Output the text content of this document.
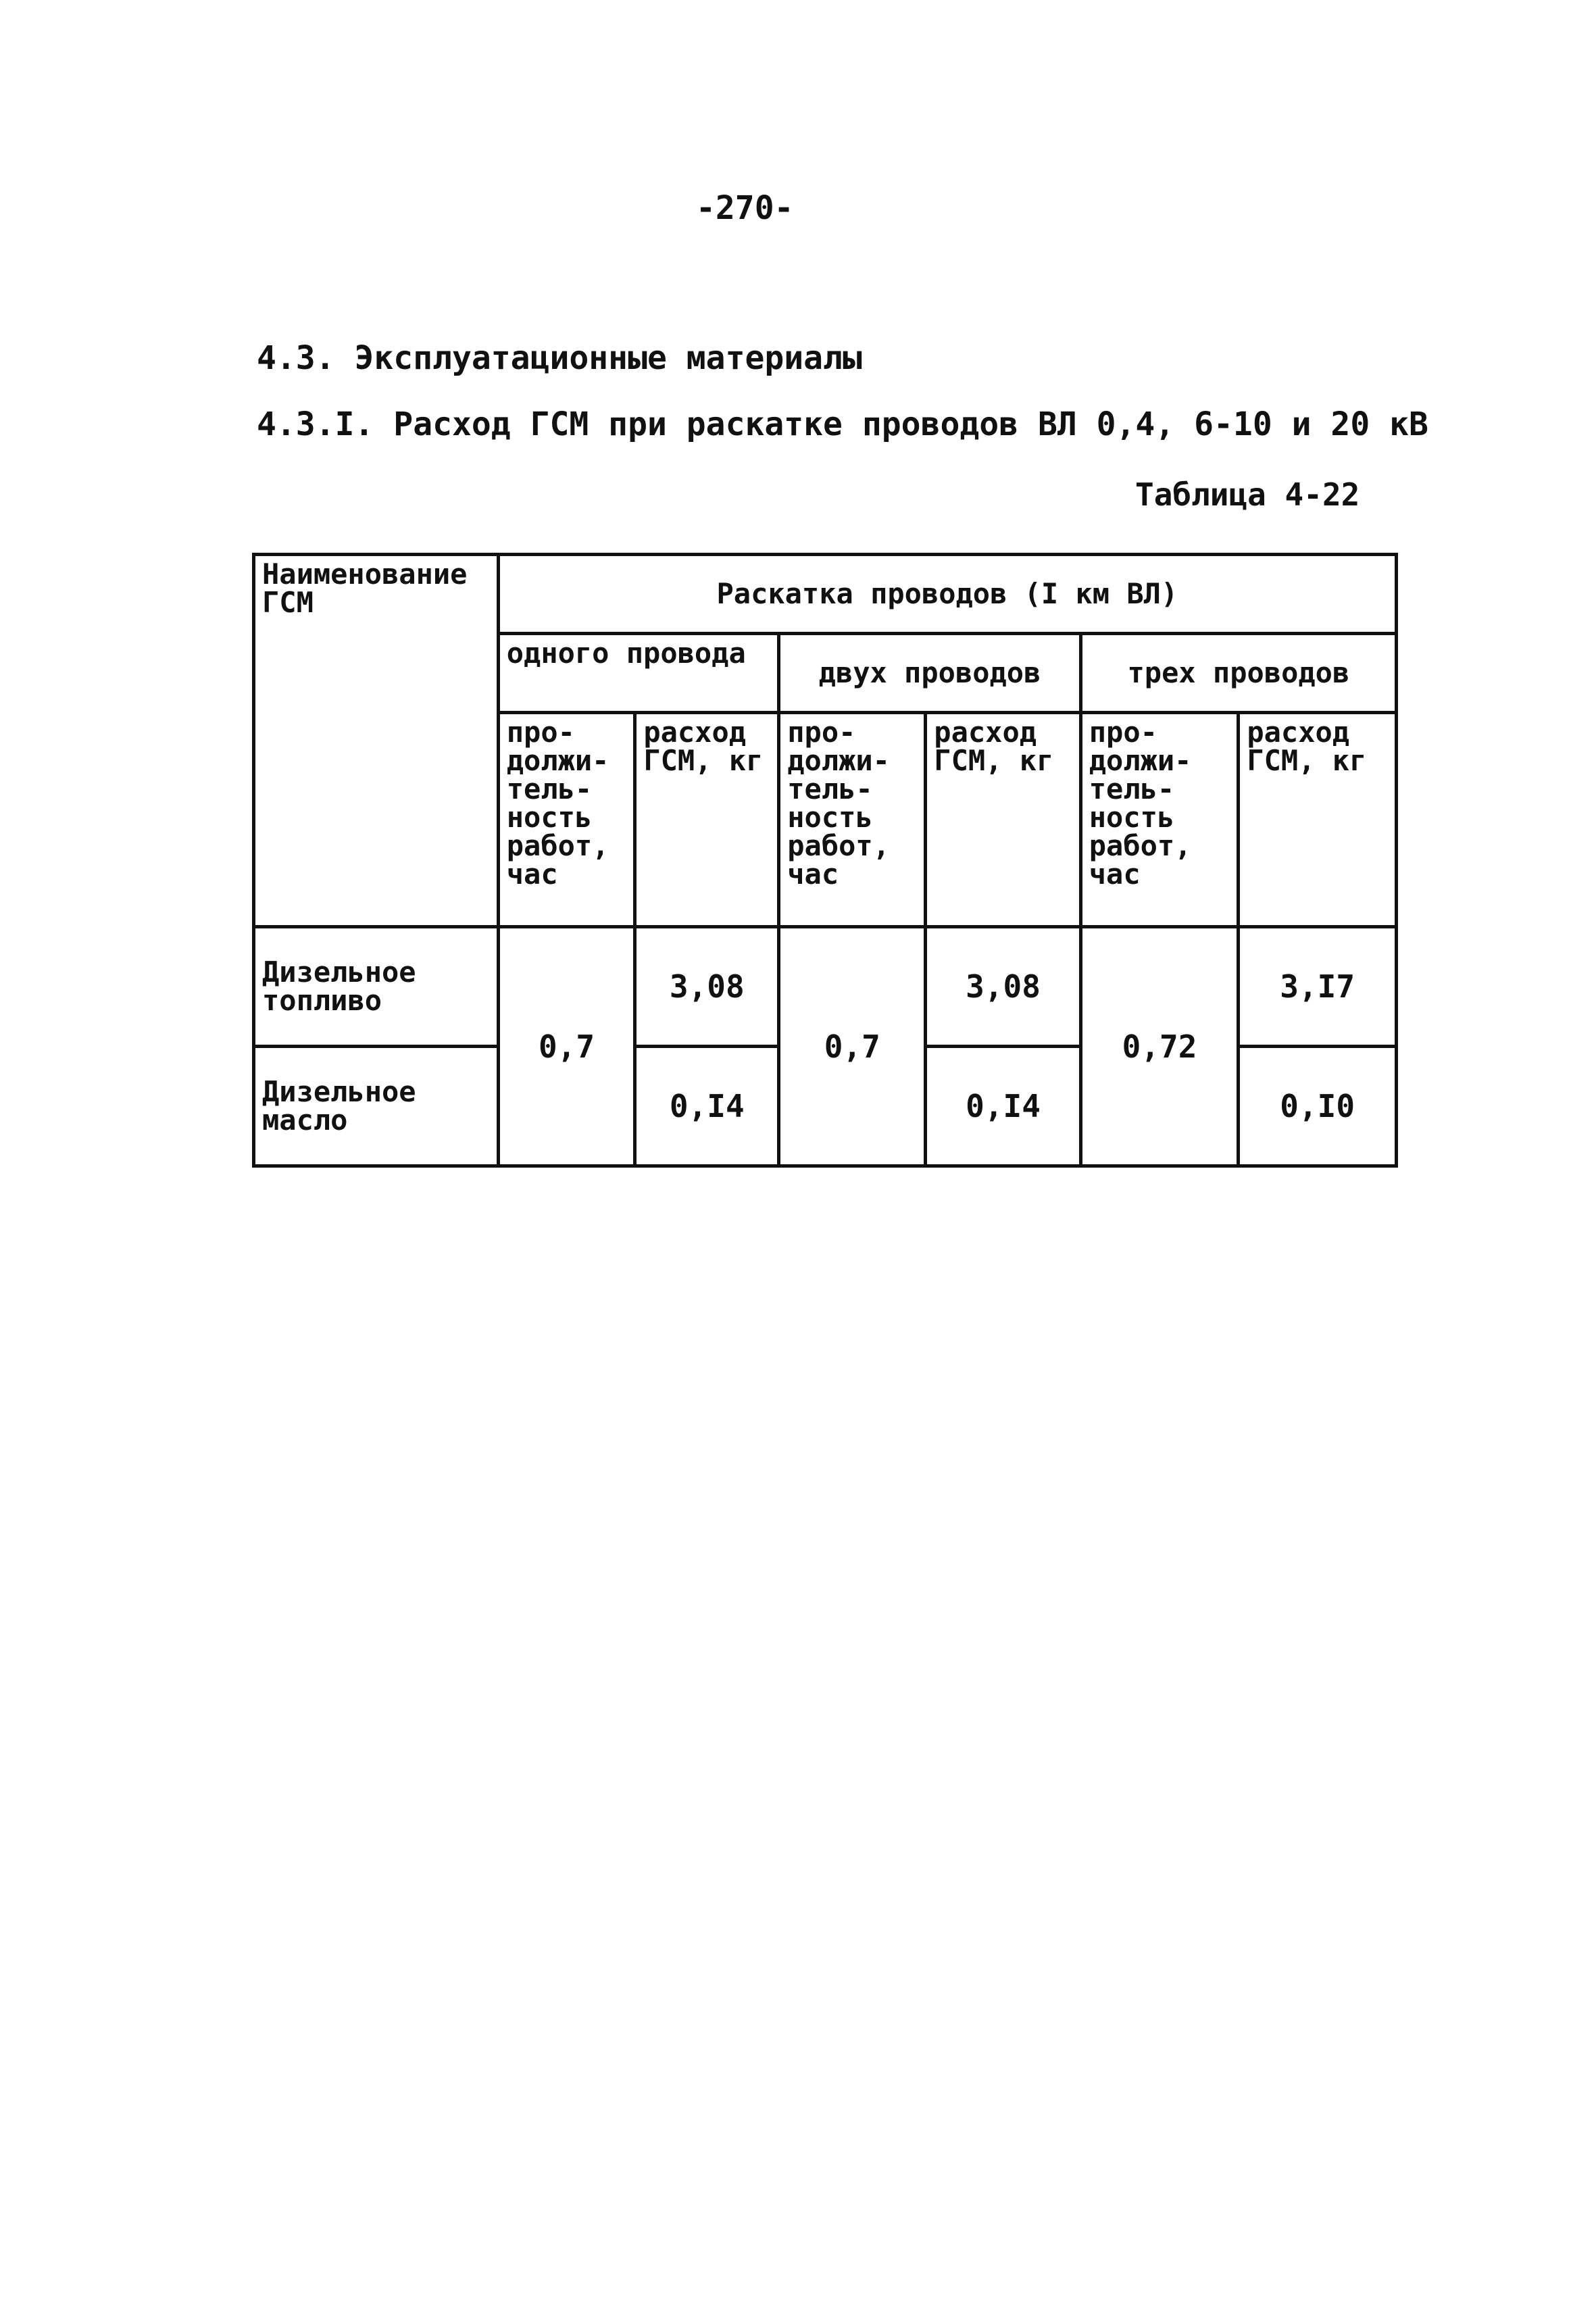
-270-
4.3. Эксплуатационные материалы
4.3.I. Расход ГСМ при раскатке проводов ВЛ 0,4, 6-10 и 20 кВ
Таблица 4-22
Наименование ГСМ	Раскатка проводов (I км ВЛ)					
	одного провода		двух проводов		трех проводов	
	про-должи-тель-ность работ, час	расход ГСМ, кг	про-должи-тель-ность работ, час	расход ГСМ, кг	про-должи-тель-ность работ, час	расход ГСМ, кг
Дизельное топливо	0,7	3,08	0,7	3,08	0,72	3,I7
Дизельное масло		0,I4		0,I4		0,I0
